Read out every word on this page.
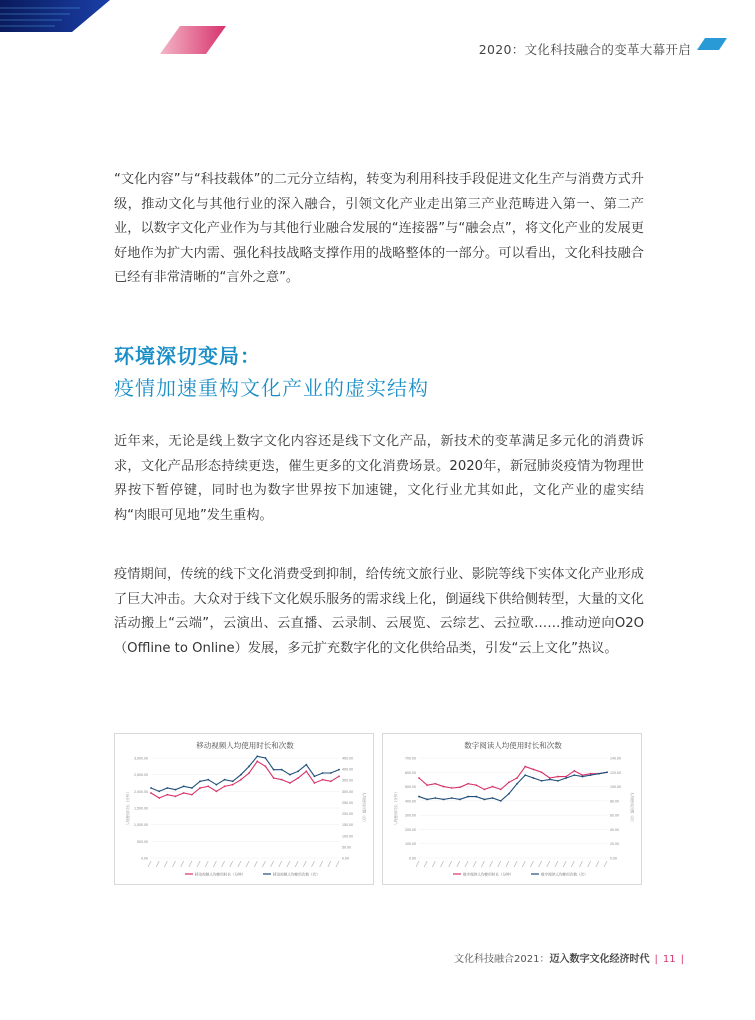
2020：文化科技融合的变革大幕开启

“文化内容”与“科技载体”的二元分立结构，转变为利用科技手段促进文化生产与消费方式升级，推动文化与其他行业的深入融合，引领文化产业走出第三产业范畴进入第一、第二产业，以数字文化产业作为与其他行业融合发展的“连接器”与“融会点”，将文化产业的发展更好地作为扩大内需、强化科技战略支撑作用的战略整体的一部分。可以看出，文化科技融合已经有非常清晰的“言外之意”。

环境深切变局：
疫情加速重构文化产业的虚实结构

近年来，无论是线上数字文化内容还是线下文化产品，新技术的变革满足多元化的消费诉求，文化产品形态持续更迭，催生更多的文化消费场景。2020年，新冠肺炎疫情为物理世界按下暂停键，同时也为数字世界按下加速键，文化行业尤其如此，文化产业的虚实结构“肉眼可见地”发生重构。

疫情期间，传统的线下文化消费受到抑制，给传统文旅行业、影院等线下实体文化产业形成了巨大冲击。大众对于线下文化娱乐服务的需求线上化，倒逼线下供给侧转型，大量的文化活动搬上“云端”，云演出、云直播、云录制、云展览、云综艺、云拉歌……推动逆向O2O（Offline to Online）发展，多元扩充数字化的文化供给品类，引发“云上文化”热议。

移动视频人均使用时长和次数
0.00
500.00
1,000.00
1,500.00
2,000.00
2,500.00
3,000.00
0.00
50.00
100.00
150.00
200.00
250.00
300.00
350.00
400.00
450.00
人均使用时长（分钟）	人均使用次数（次）
移动视频人均使用时长（分钟）	移动视频人均使用次数（次）
数字阅读人均使用时长和次数
0.00
100.00
200.00
300.00
400.00
500.00
600.00
700.00
0.00
20.00
40.00
60.00
80.00
100.00
120.00
140.00
人均使用时长（分钟）	人均使用次数（次）
数字阅读人均使用时长（分钟）	数字阅读人均使用次数（次）
文化科技融合2021：迈入数字文化经济时代 | 11 |
